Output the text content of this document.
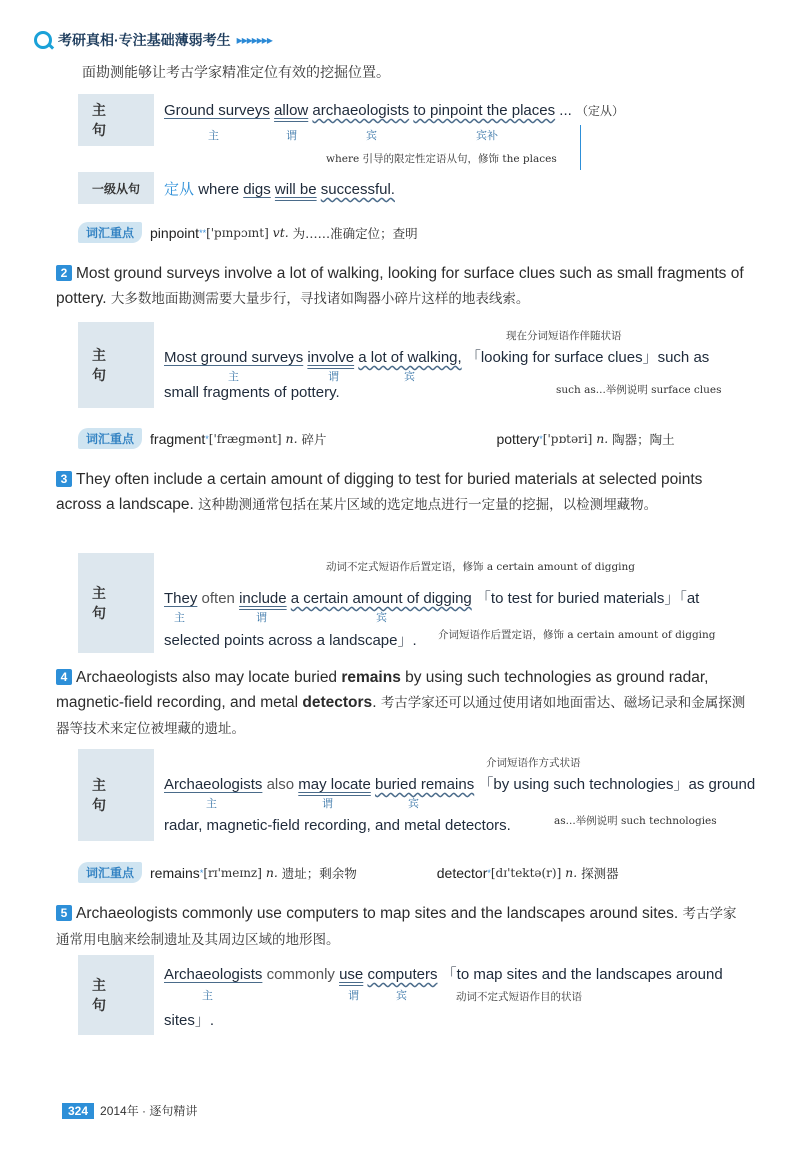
考研真相·专注基础薄弱考生 ▸▸▸▸▸▸▸
面勘测能够让考古学家精准定位有效的挖掘位置。
主　句
Ground surveys allow archaeologists to pinpoint the places ... （定从）
主	谓	宾	宾补
where 引导的限定性定语从句，修饰 the places
一级从句	定从 where digs will be successful.
词汇重点	pinpoint ** ['pɪnpɔɪnt]
vt.
为……准确定位；查明
2 Most ground surveys involve a lot of walking, looking for surface clues such as small fragments of pottery. 大多数地面勘测需要大量步行，寻找诸如陶器小碎片这样的地表线索。
主　句
现在分词短语作伴随状语
Most ground surveys involve a lot of walking, 「looking for surface clues」such as
主	谓	宾
small fragments of pottery.	such as...举例说明 surface clues
词汇重点	fragment * ['frægmənt]
n.
碎片	pottery * ['pɒtəri]
n.
陶器；陶土
3 They often include a certain amount of digging to test for buried materials at selected points across a landscape. 这种勘测通常包括在某片区域的选定地点进行一定量的挖掘，以检测埋藏物。
主　句
动词不定式短语作后置定语，修饰 a certain amount of digging
They often include a certain amount of digging 「to test for buried materials」「at
主	谓	宾
selected points across a landscape」. 介词短语作后置定语，修饰 a certain amount of digging
4 Archaeologists also may locate buried remains by using such technologies as ground radar, magnetic-field recording, and metal detectors. 考古学家还可以通过使用诸如地面雷达、磁场记录和金属探测器等技术来定位被埋藏的遗址。
主　句
介词短语作方式状语
Archaeologists also may locate buried remains 「by using such technologies」as ground
主	谓	宾
radar, magnetic-field recording, and metal detectors.	as...举例说明 such technologies
词汇重点	remains * [rɪ'meɪnz]
n.
遗址；剩余物	detector * [dɪ'tektə(r)]
n.
探测器
5 Archaeologists commonly use computers to map sites and the landscapes around sites. 考古学家通常用电脑来绘制遗址及其周边区域的地形图。
主　句
Archaeologists commonly use computers 「to map sites and the landscapes around
主	谓	宾	动词不定式短语作目的状语
sites」.
324	2014年 · 逐句精讲
